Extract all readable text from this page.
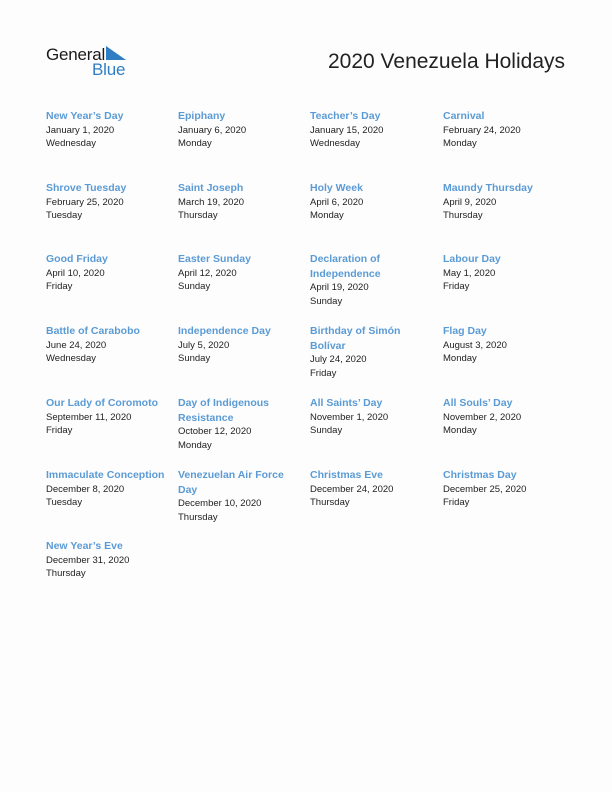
General
Blue	2020 Venezuela Holidays
New Year’s Day
January 1, 2020
Wednesday
Epiphany
January 6, 2020
Monday
Teacher’s Day
January 15, 2020
Wednesday
Carnival
February 24, 2020
Monday
Shrove Tuesday
February 25, 2020
Tuesday
Saint Joseph
March 19, 2020
Thursday
Holy Week
April 6, 2020
Monday
Maundy Thursday
April 9, 2020
Thursday
Good Friday
April 10, 2020
Friday
Easter Sunday
April 12, 2020
Sunday
Declaration of Independence
April 19, 2020
Sunday
Labour Day
May 1, 2020
Friday
Battle of Carabobo
June 24, 2020
Wednesday
Independence Day
July 5, 2020
Sunday
Birthday of Simón Bolívar
July 24, 2020
Friday
Flag Day
August 3, 2020
Monday
Our Lady of Coromoto
September 11, 2020
Friday
Day of Indigenous Resistance
October 12, 2020
Monday
All Saints’ Day
November 1, 2020
Sunday
All Souls’ Day
November 2, 2020
Monday
Immaculate Conception
December 8, 2020
Tuesday
Venezuelan Air Force Day
December 10, 2020
Thursday
Christmas Eve
December 24, 2020
Thursday
Christmas Day
December 25, 2020
Friday
New Year’s Eve
December 31, 2020
Thursday
